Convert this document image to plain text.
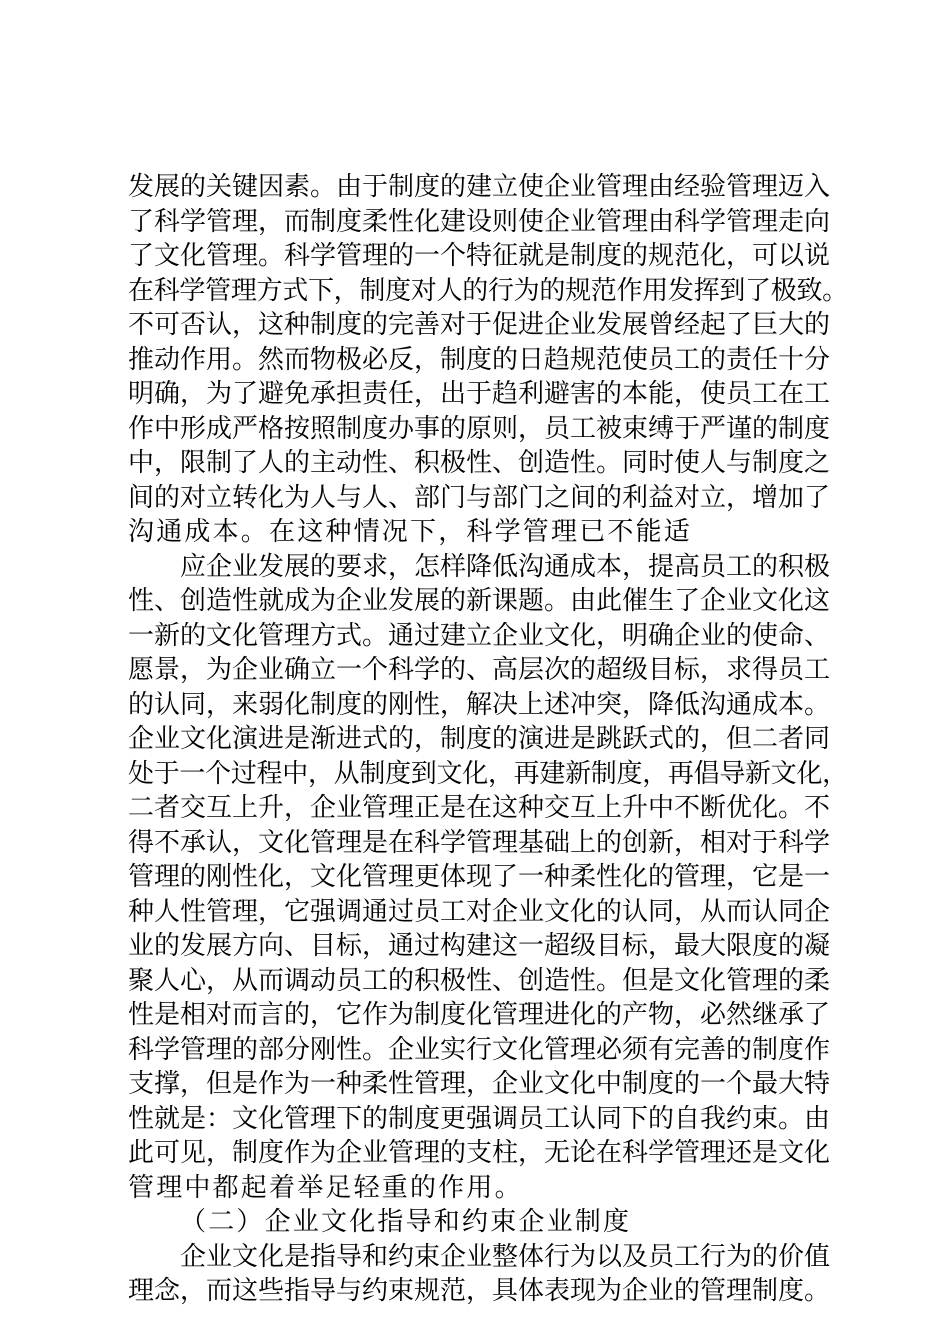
发展的关键因素。由于制度的建立使企业管理由经验管理迈入
了科学管理，而制度柔性化建设则使企业管理由科学管理走向
了文化管理。科学管理的一个特征就是制度的规范化，可以说
在科学管理方式下，制度对人的行为的规范作用发挥到了极致。
不可否认，这种制度的完善对于促进企业发展曾经起了巨大的
推动作用。然而物极必反，制度的日趋规范使员工的责任十分
明确，为了避免承担责任，出于趋利避害的本能，使员工在工
作中形成严格按照制度办事的原则，员工被束缚于严谨的制度
中，限制了人的主动性、积极性、创造性。同时使人与制度之
间的对立转化为人与人、部门与部门之间的利益对立，增加了
沟通成本。在这种情况下，科学管理已不能适
应企业发展的要求，怎样降低沟通成本，提高员工的积极
性、创造性就成为企业发展的新课题。由此催生了企业文化这
一新的文化管理方式。通过建立企业文化，明确企业的使命、
愿景，为企业确立一个科学的、高层次的超级目标，求得员工
的认同，来弱化制度的刚性，解决上述冲突，降低沟通成本。
企业文化演进是渐进式的，制度的演进是跳跃式的，但二者同
处于一个过程中，从制度到文化，再建新制度，再倡导新文化，
二者交互上升，企业管理正是在这种交互上升中不断优化。不
得不承认，文化管理是在科学管理基础上的创新，相对于科学
管理的刚性化，文化管理更体现了一种柔性化的管理，它是一
种人性管理，它强调通过员工对企业文化的认同，从而认同企
业的发展方向、目标，通过构建这一超级目标，最大限度的凝
聚人心，从而调动员工的积极性、创造性。但是文化管理的柔
性是相对而言的，它作为制度化管理进化的产物，必然继承了
科学管理的部分刚性。企业实行文化管理必须有完善的制度作
支撑，但是作为一种柔性管理，企业文化中制度的一个最大特
性就是：文化管理下的制度更强调员工认同下的自我约束。由
此可见，制度作为企业管理的支柱，无论在科学管理还是文化
管理中都起着举足轻重的作用。
（二）企业文化指导和约束企业制度
企业文化是指导和约束企业整体行为以及员工行为的价值
理念，而这些指导与约束规范，具体表现为企业的管理制度。
